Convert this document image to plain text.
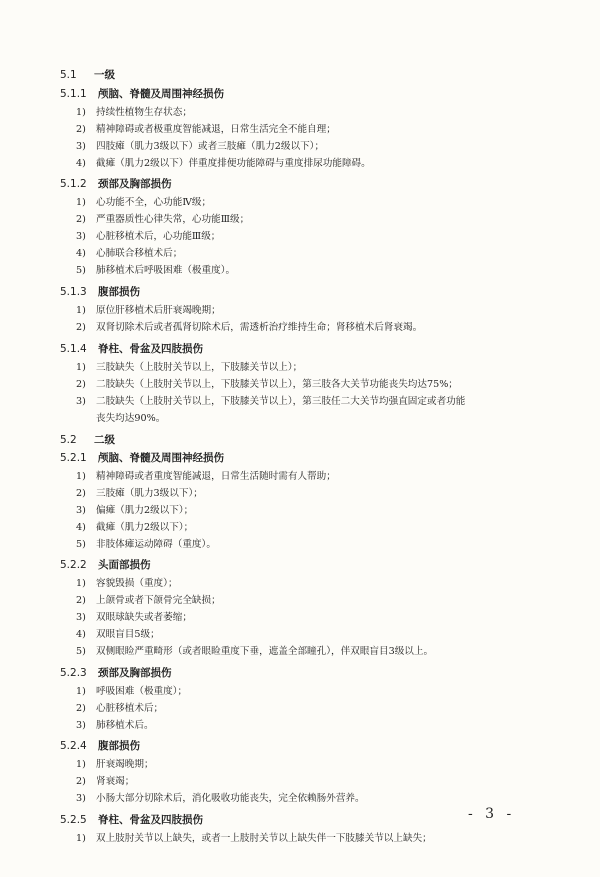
5.1 一级
5.1.1 颅脑、脊髓及周围神经损伤
1) 持续性植物生存状态；
2) 精神障碍或者极重度智能减退，日常生活完全不能自理；
3) 四肢瘫（肌力3级以下）或者三肢瘫（肌力2级以下）；
4) 截瘫（肌力2级以下）伴重度排便功能障碍与重度排尿功能障碍。
5.1.2 颈部及胸部损伤
1) 心功能不全，心功能Ⅳ级；
2) 严重器质性心律失常，心功能Ⅲ级；
3) 心脏移植术后，心功能Ⅲ级；
4) 心肺联合移植术后；
5) 肺移植术后呼吸困难（极重度）。
5.1.3 腹部损伤
1) 原位肝移植术后肝衰竭晚期；
2) 双肾切除术后或者孤肾切除术后，需透析治疗维持生命；肾移植术后肾衰竭。
5.1.4 脊柱、骨盆及四肢损伤
1) 三肢缺失（上肢肘关节以上，下肢膝关节以上）；
2) 二肢缺失（上肢肘关节以上，下肢膝关节以上），第三肢各大关节功能丧失均达75%；
3) 二肢缺失（上肢肘关节以上，下肢膝关节以上），第三肢任二大关节均强直固定或者功能
丧失均达90%。
5.2 二级
5.2.1 颅脑、脊髓及周围神经损伤
1) 精神障碍或者重度智能减退，日常生活随时需有人帮助；
2) 三肢瘫（肌力3级以下）；
3) 偏瘫（肌力2级以下）；
4) 截瘫（肌力2级以下）；
5) 非肢体瘫运动障碍（重度）。
5.2.2 头面部损伤
1) 容貌毁损（重度）；
2) 上颌骨或者下颌骨完全缺损；
3) 双眼球缺失或者萎缩；
4) 双眼盲目5级；
5) 双侧眼睑严重畸形（或者眼睑重度下垂，遮盖全部瞳孔），伴双眼盲目3级以上。
5.2.3 颈部及胸部损伤
1) 呼吸困难（极重度）；
2) 心脏移植术后；
3) 肺移植术后。
5.2.4 腹部损伤
1) 肝衰竭晚期；
2) 肾衰竭；
3) 小肠大部分切除术后，消化吸收功能丧失，完全依赖肠外营养。
5.2.5 脊柱、骨盆及四肢损伤
1) 双上肢肘关节以上缺失，或者一上肢肘关节以上缺失伴一下肢膝关节以上缺失；
- 3 -
